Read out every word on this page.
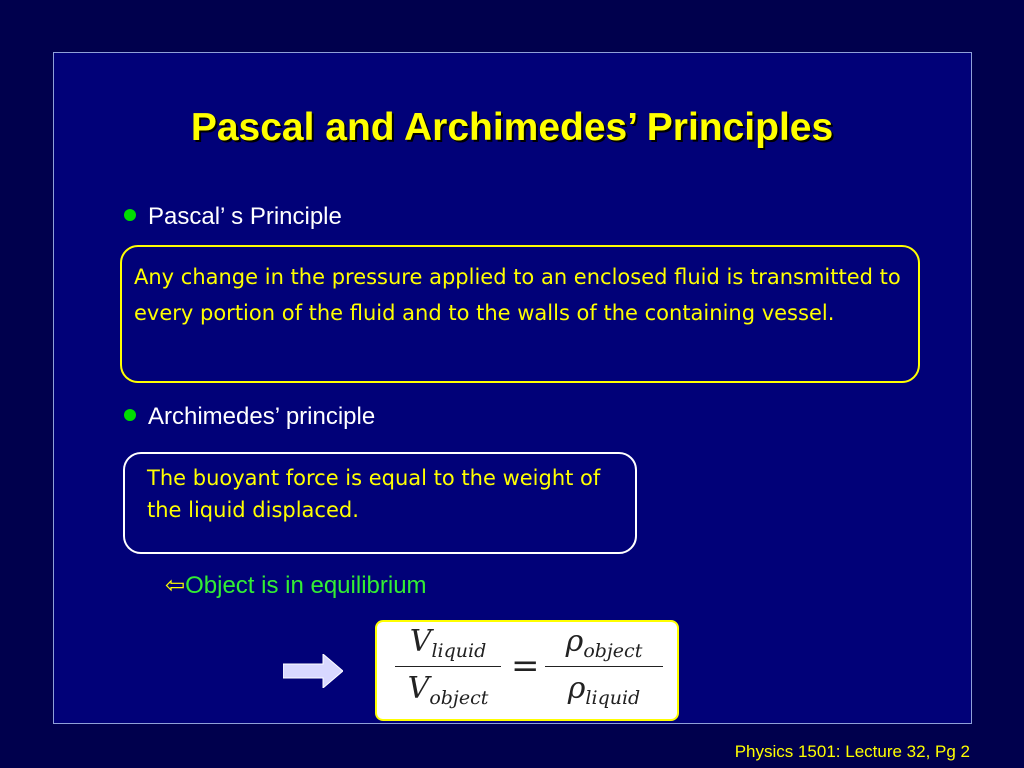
Pascal and Archimedes’ Principles
Pascal’ s Principle
Any change in the pressure applied to an enclosed fluid is transmitted to every portion of the fluid and to the walls of the containing vessel.
Archimedes’ principle
The buoyant force is equal to the weight of the liquid displaced.
⇦Object is in equilibrium
$V_{liquid}$
$V_{object}$
=
$\rho_{object}$
$\rho_{liquid}$
Physics 1501: Lecture 32, Pg 2
